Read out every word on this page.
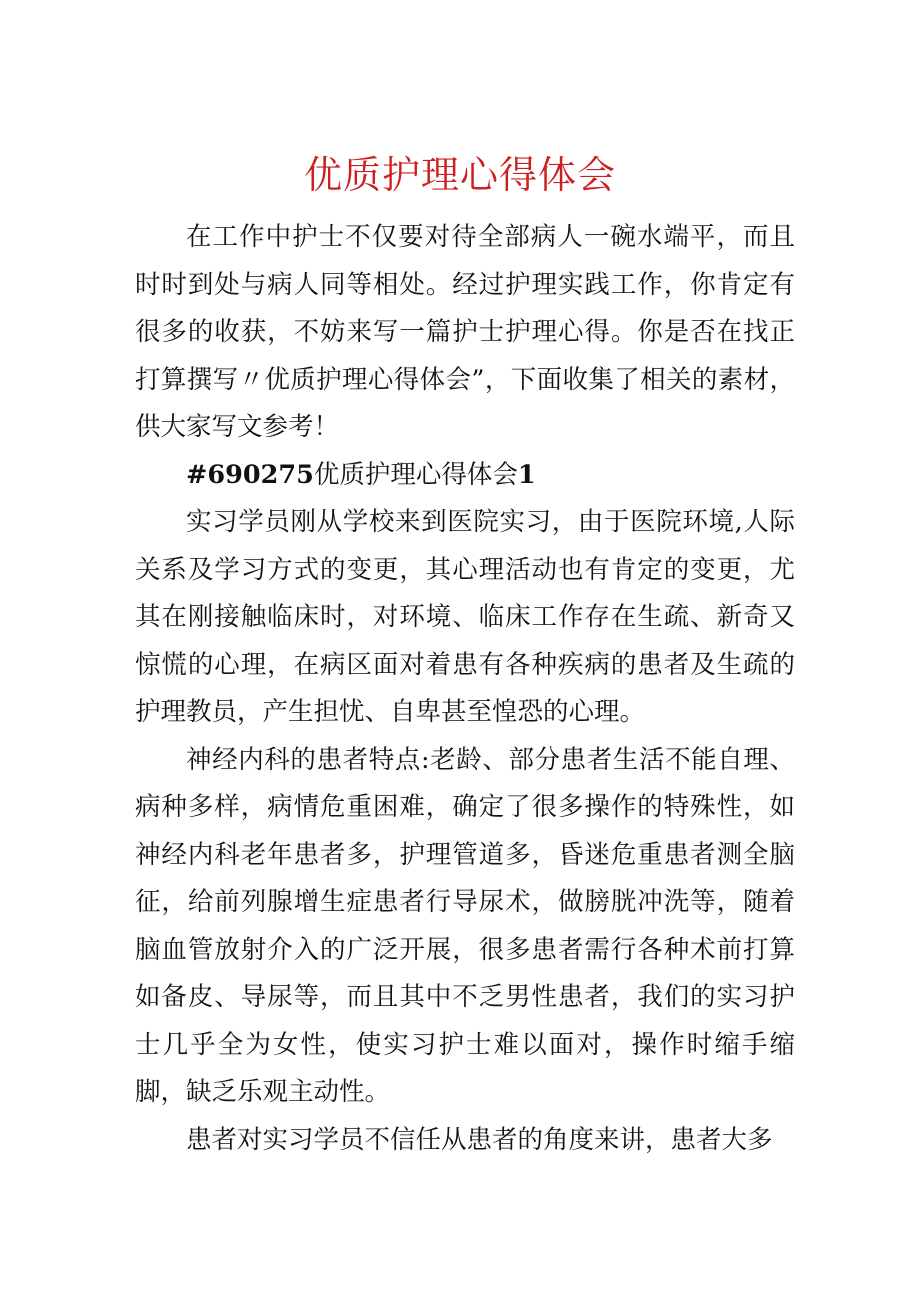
优质护理心得体会

在工作中护士不仅要对待全部病人一碗水端平，而且时时到处与病人同等相处。经过护理实践工作，你肯定有很多的收获，不妨来写一篇护士护理心得。你是否在找正打算撰写〃优质护理心得体会”，下面收集了相关的素材，供大家写文参考！

#690275优质护理心得体会1

实习学员刚从学校来到医院实习，由于医院环境,人际关系及学习方式的变更，其心理活动也有肯定的变更，尤其在刚接触临床时，对环境、临床工作存在生疏、新奇又惊慌的心理，在病区面对着患有各种疾病的患者及生疏的护理教员，产生担忧、自卑甚至惶恐的心理。

神经内科的患者特点:老龄、部分患者生活不能自理、病种多样，病情危重困难，确定了很多操作的特殊性，如神经内科老年患者多，护理管道多，昏迷危重患者测全脑征，给前列腺增生症患者行导尿术，做膀胱冲洗等，随着脑血管放射介入的广泛开展，很多患者需行各种术前打算如备皮、导尿等，而且其中不乏男性患者，我们的实习护士几乎全为女性，使实习护士难以面对，操作时缩手缩脚，缺乏乐观主动性。

患者对实习学员不信任从患者的角度来讲，患者大多
